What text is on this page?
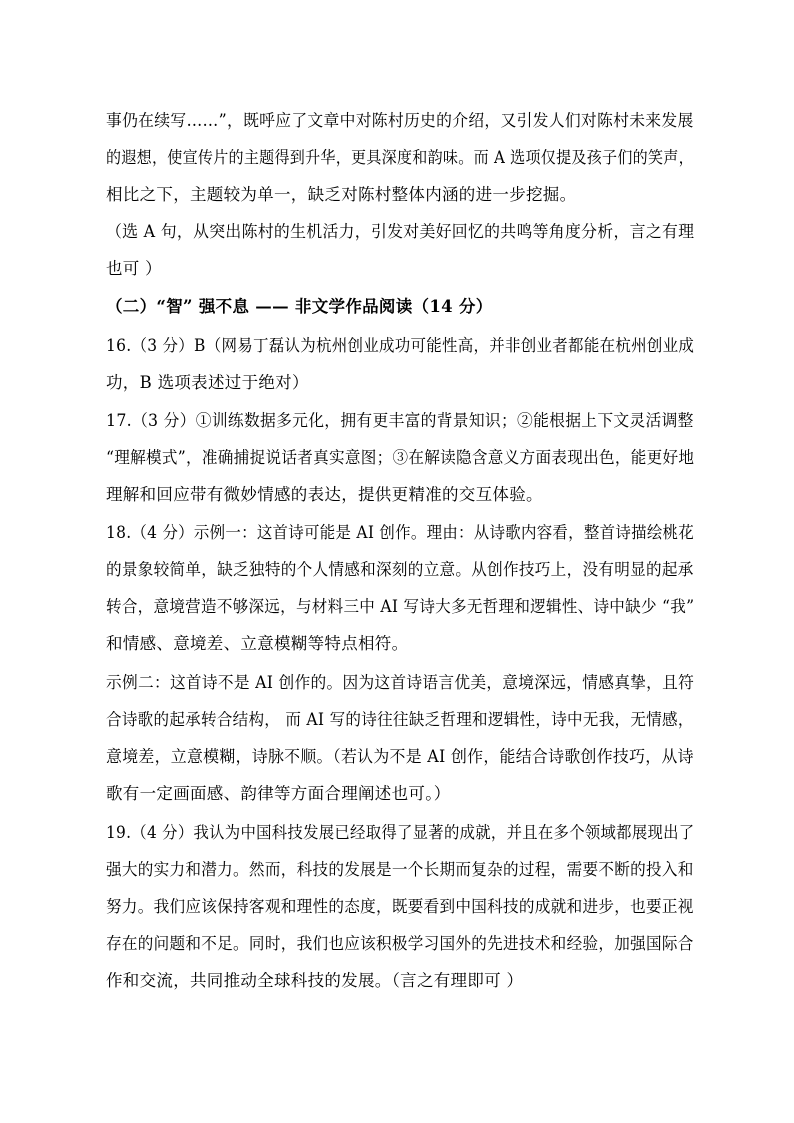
事仍在续写……”，既呼应了文章中对陈村历史的介绍，又引发人们对陈村未来发展
的遐想，使宣传片的主题得到升华，更具深度和韵味。而 A 选项仅提及孩子们的笑声，
相比之下，主题较为单一，缺乏对陈村整体内涵的进一步挖掘。
（选 A 句，从突出陈村的生机活力，引发对美好回忆的共鸣等角度分析，言之有理
也可 ）
（二）“智” 强不息 —— 非文学作品阅读（14 分）
16.（3 分）B（网易丁磊认为杭州创业成功可能性高，并非创业者都能在杭州创业成
功，B 选项表述过于绝对）
17.（3 分）①训练数据多元化，拥有更丰富的背景知识；②能根据上下文灵活调整
“理解模式”，准确捕捉说话者真实意图；③在解读隐含意义方面表现出色，能更好地
理解和回应带有微妙情感的表达，提供更精准的交互体验。
18.（4 分）示例一：这首诗可能是 AI 创作。理由：从诗歌内容看，整首诗描绘桃花
的景象较简单，缺乏独特的个人情感和深刻的立意。从创作技巧上，没有明显的起承
转合，意境营造不够深远，与材料三中 AI 写诗大多无哲理和逻辑性、诗中缺少 “我”
和情感、意境差、立意模糊等特点相符。
示例二：这首诗不是 AI 创作的。因为这首诗语言优美，意境深远，情感真挚，且符
合诗歌的起承转合结构， 而 AI 写的诗往往缺乏哲理和逻辑性，诗中无我，无情感，
意境差，立意模糊，诗脉不顺。（若认为不是 AI 创作，能结合诗歌创作技巧，从诗
歌有一定画面感、韵律等方面合理阐述也可。）
19.（4 分）我认为中国科技发展已经取得了显著的成就，并且在多个领域都展现出了
强大的实力和潜力。然而，科技的发展是一个长期而复杂的过程，需要不断的投入和
努力。我们应该保持客观和理性的态度，既要看到中国科技的成就和进步，也要正视
存在的问题和不足。同时，我们也应该积极学习国外的先进技术和经验，加强国际合
作和交流，共同推动全球科技的发展。（言之有理即可 ）
